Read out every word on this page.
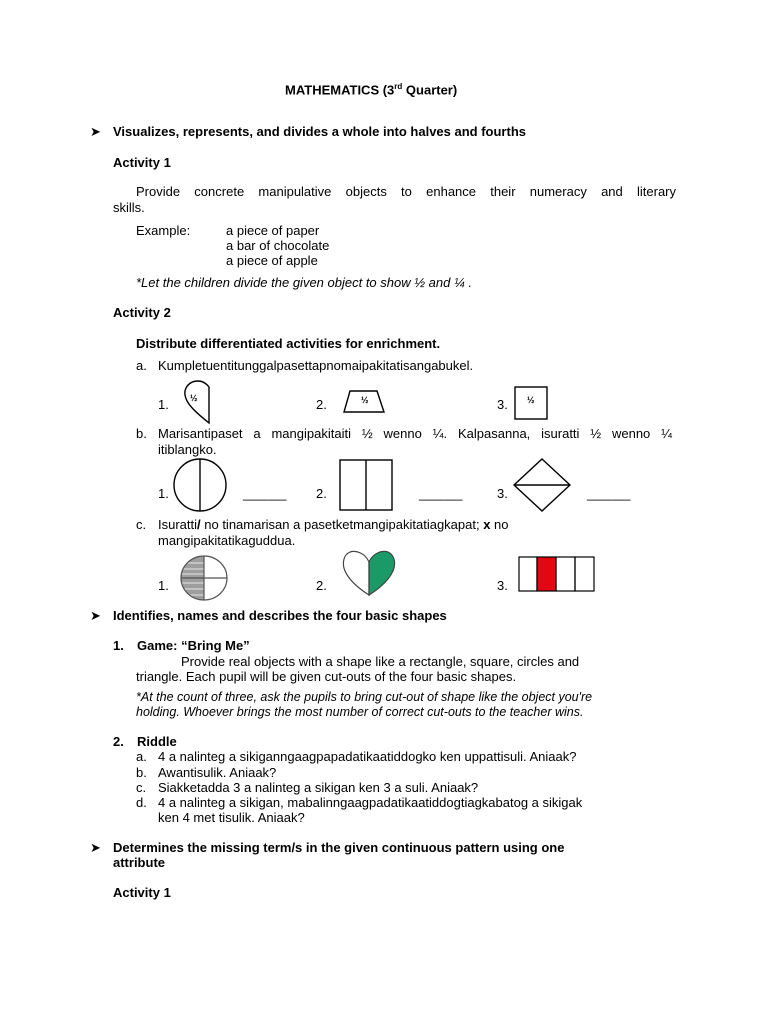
MATHEMATICS (3rd Quarter)
➤ Visualizes, represents, and divides a whole into halves and fourths
Activity 1
Provide concrete manipulative objects to enhance their numeracy and literary
skills.
Example:	a piece of paper
a bar of chocolate
a piece of apple
*Let the children divide the given object to show ½ and ¼ .
Activity 2
Distribute differentiated activities for enrichment.
a. Kumpletuentitunggalpasettapnomaipakitatisangabukel.
1.	2.	3.
½	½	½
b. Marisantipaset a mangipakitaiti ½ wenno ¼. Kalpasanna, isuratti ½ wenno ¼
itiblangko.
1.	______ 2.	______	3.	______
c. Isuratti/ no tinamarisan a pasetketmangipakitatiagkapat; x no
mangipakitatikaguddua.
1.	2.	3.
➤ Identifies, names and describes the four basic shapes
1. Game: “Bring Me”
Provide real objects with a shape like a rectangle, square, circles and
triangle. Each pupil will be given cut-outs of the four basic shapes.
*At the count of three, ask the pupils to bring cut-out of shape like the object you're
holding. Whoever brings the most number of correct cut-outs to the teacher wins.
2. Riddle
a. 4 a nalinteg a sikiganngaagpapadatikaatiddogko ken uppattisuli. Aniaak?
b. Awantisulik. Aniaak?
c. Siakketadda 3 a nalinteg a sikigan ken 3 a suli. Aniaak?
d. 4 a nalinteg a sikigan, mabalinngaagpadatikaatiddogtiagkabatog a sikigak
ken 4 met tisulik. Aniaak?
➤ Determines the missing term/s in the given continuous pattern using one
attribute
Activity 1
